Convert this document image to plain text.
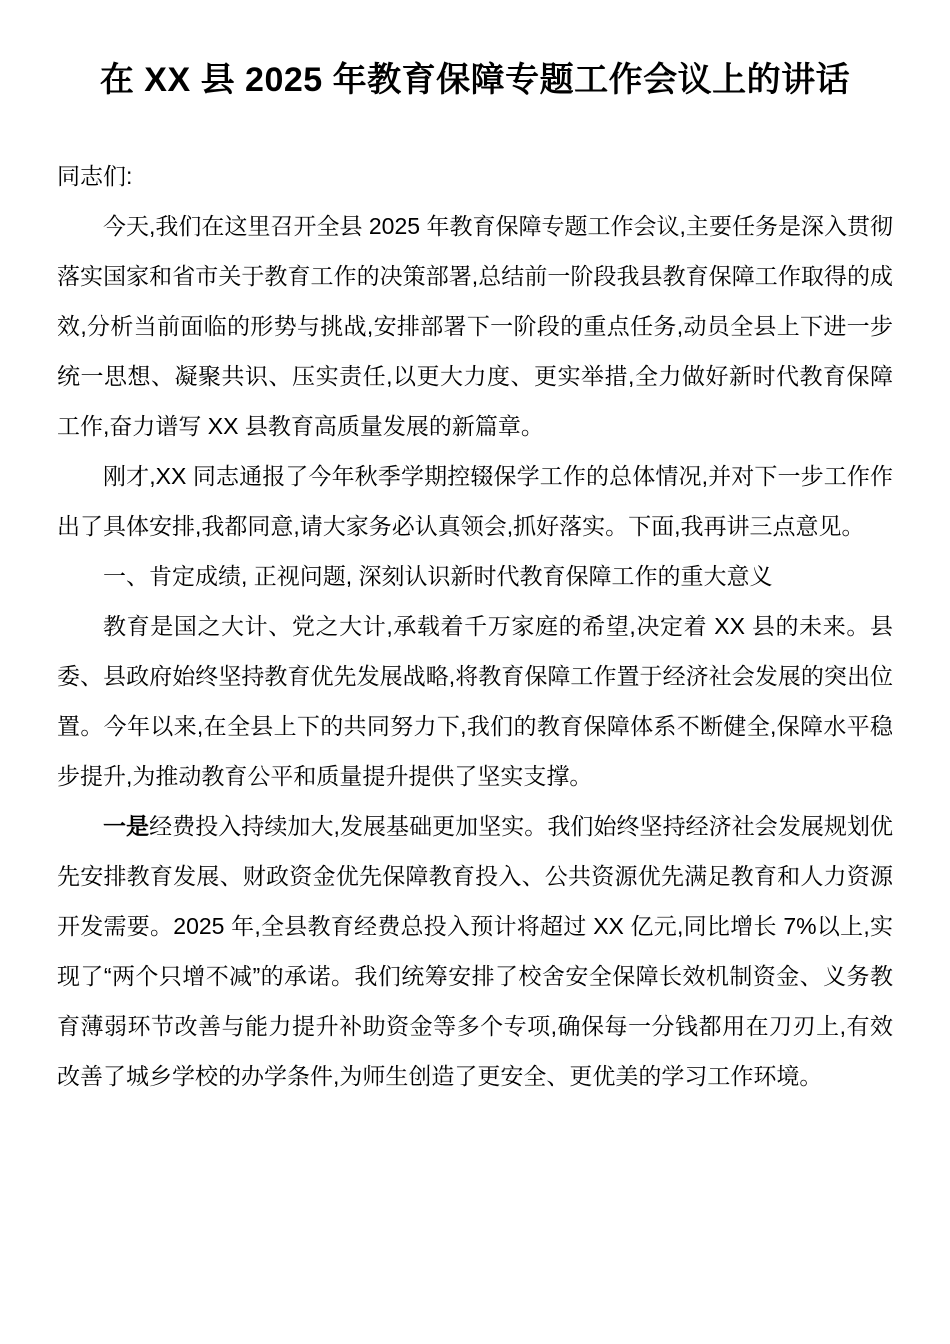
在 XX 县 2025 年教育保障专题工作会议上的讲话

同志们:

今天,我们在这里召开全县 2025 年教育保障专题工作会议,主要任务是深入贯彻落实国家和省市关于教育工作的决策部署,总结前一阶段我县教育保障工作取得的成效,分析当前面临的形势与挑战,安排部署下一阶段的重点任务,动员全县上下进一步统一思想、凝聚共识、压实责任,以更大力度、更实举措,全力做好新时代教育保障工作,奋力谱写 XX 县教育高质量发展的新篇章。

刚才,XX 同志通报了今年秋季学期控辍保学工作的总体情况,并对下一步工作作出了具体安排,我都同意,请大家务必认真领会,抓好落实。下面,我再讲三点意见。

一、肯定成绩, 正视问题, 深刻认识新时代教育保障工作的重大意义

教育是国之大计、党之大计,承载着千万家庭的希望,决定着 XX 县的未来。县委、县政府始终坚持教育优先发展战略,将教育保障工作置于经济社会发展的突出位置。今年以来,在全县上下的共同努力下,我们的教育保障体系不断健全,保障水平稳步提升,为推动教育公平和质量提升提供了坚实支撑。

一是经费投入持续加大,发展基础更加坚实。我们始终坚持经济社会发展规划优先安排教育发展、财政资金优先保障教育投入、公共资源优先满足教育和人力资源开发需要。2025 年,全县教育经费总投入预计将超过 XX 亿元,同比增长 7%以上,实现了“两个只增不减”的承诺。我们统筹安排了校舍安全保障长效机制资金、义务教育薄弱环节改善与能力提升补助资金等多个专项,确保每一分钱都用在刀刃上,有效改善了城乡学校的办学条件,为师生创造了更安全、更优美的学习工作环境。
